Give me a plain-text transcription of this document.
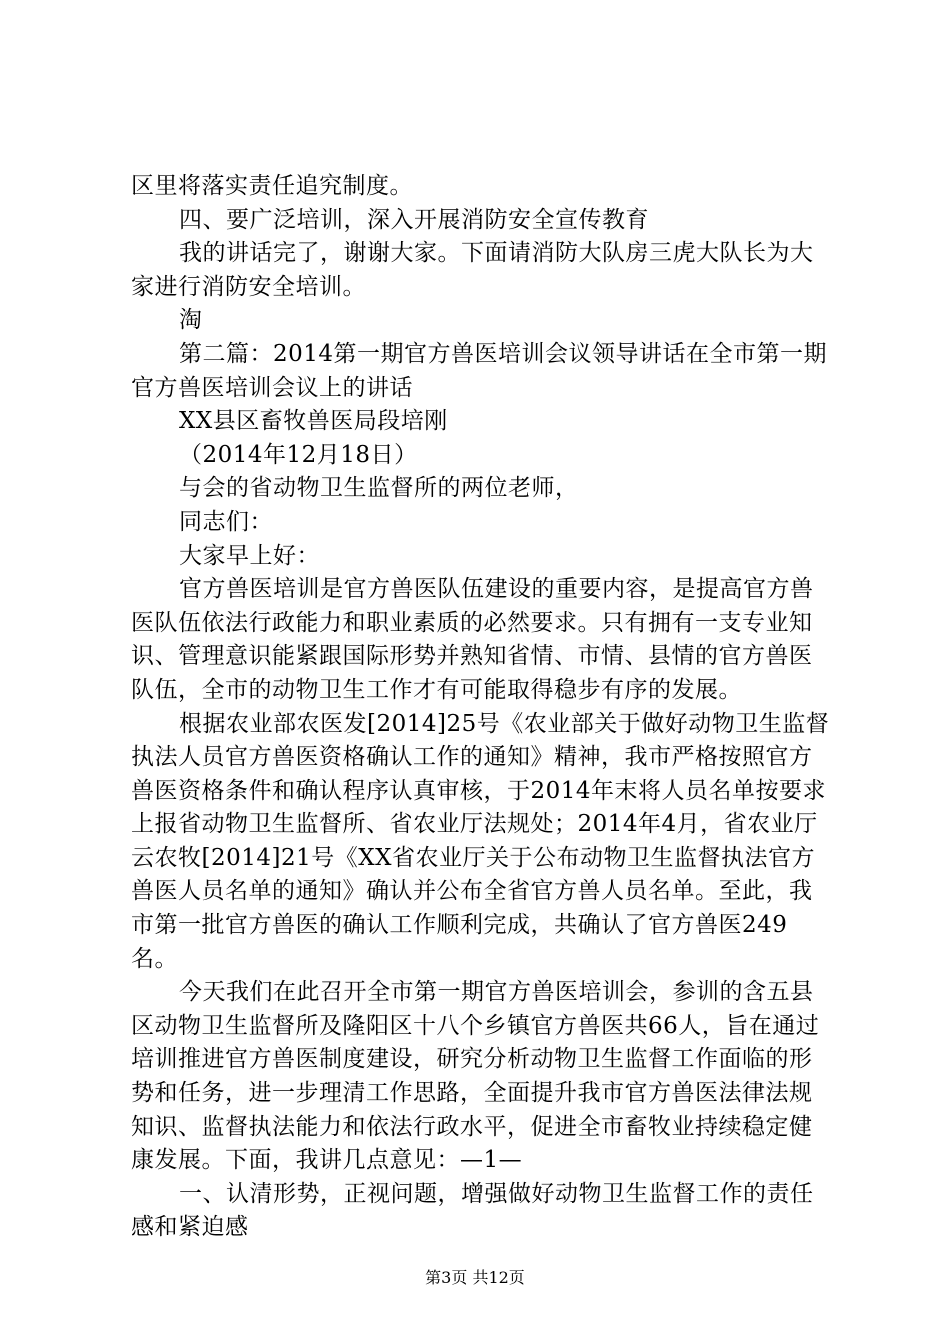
区里将落实责任追究制度。

四、要广泛培训，深入开展消防安全宣传教育

我的讲话完了，谢谢大家。下面请消防大队房三虎大队长为大家进行消防安全培训。

淘

第二篇：2014第一期官方兽医培训会议领导讲话在全市第一期官方兽医培训会议上的讲话

XX县区畜牧兽医局段培刚

（2014年12月18日）

与会的省动物卫生监督所的两位老师，

同志们：

大家早上好：

官方兽医培训是官方兽医队伍建设的重要内容，是提高官方兽医队伍依法行政能力和职业素质的必然要求。只有拥有一支专业知识、管理意识能紧跟国际形势并熟知省情、市情、县情的官方兽医队伍，全市的动物卫生工作才有可能取得稳步有序的发展。

根据农业部农医发[2014]25号《农业部关于做好动物卫生监督执法人员官方兽医资格确认工作的通知》精神，我市严格按照官方兽医资格条件和确认程序认真审核，于2014年末将人员名单按要求上报省动物卫生监督所、省农业厅法规处；2014年4月，省农业厅云农牧[2014]21号《XX省农业厅关于公布动物卫生监督执法官方兽医人员名单的通知》确认并公布全省官方兽人员名单。至此，我市第一批官方兽医的确认工作顺利完成，共确认了官方兽医249名。

今天我们在此召开全市第一期官方兽医培训会，参训的含五县区动物卫生监督所及隆阳区十八个乡镇官方兽医共66人，旨在通过培训推进官方兽医制度建设，研究分析动物卫生监督工作面临的形势和任务，进一步理清工作思路，全面提升我市官方兽医法律法规知识、监督执法能力和依法行政水平，促进全市畜牧业持续稳定健康发展。下面，我讲几点意见：—1—

一、认清形势，正视问题，增强做好动物卫生监督工作的责任感和紧迫感

第3页 共12页
